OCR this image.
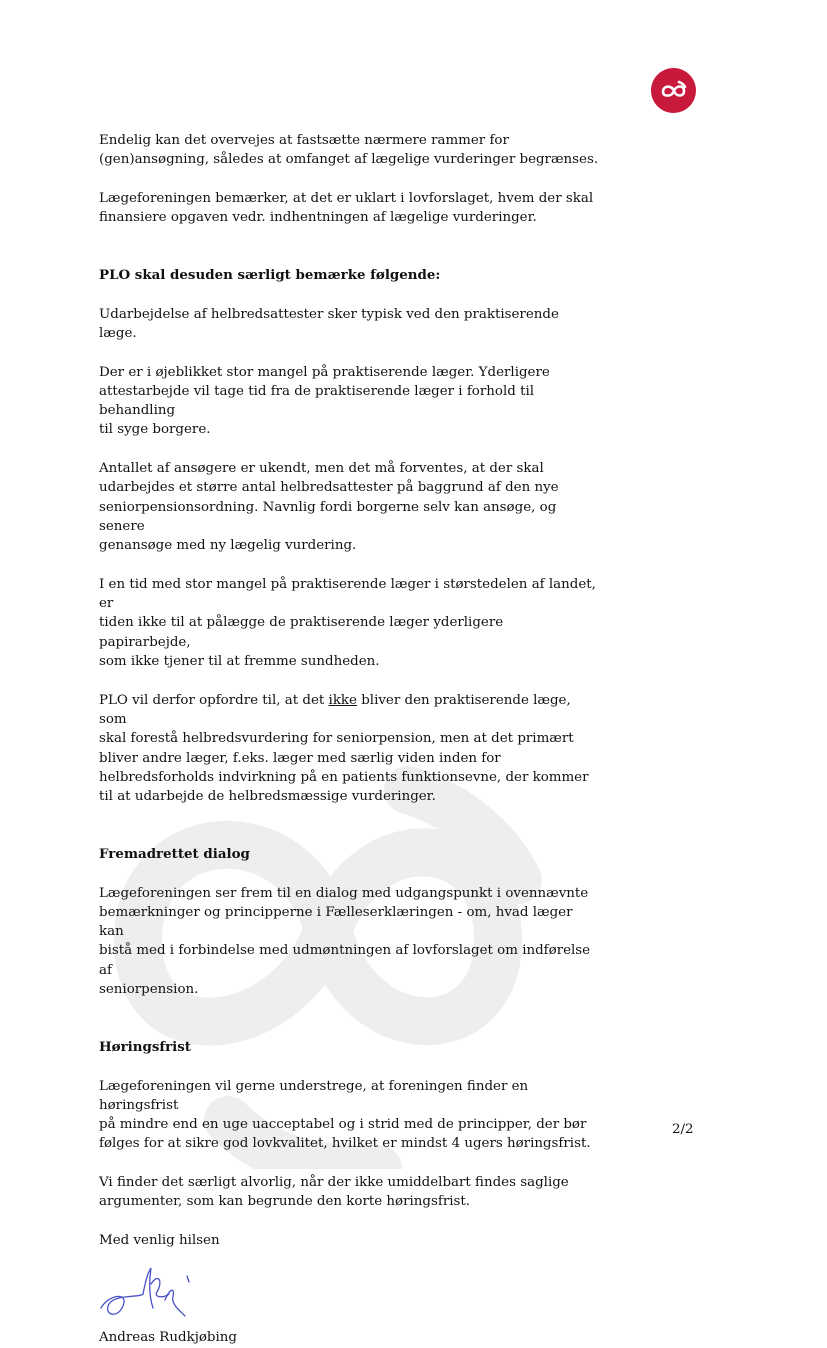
Endelig kan det overvejes at fastsætte nærmere rammer for
(gen)ansøgning, således at omfanget af lægelige vurderinger begrænses.

Lægeforeningen bemærker, at det er uklart i lovforslaget, hvem der skal
finansiere opgaven vedr. indhentningen af lægelige vurderinger.

PLO skal desuden særligt bemærke følgende:

Udarbejdelse af helbredsattester sker typisk ved den praktiserende læge.

Der er i øjeblikket stor mangel på praktiserende læger. Yderligere
attestarbejde vil tage tid fra de praktiserende læger i forhold til behandling
til syge borgere.

Antallet af ansøgere er ukendt, men det må forventes, at der skal
udarbejdes et større antal helbredsattester på baggrund af den nye
seniorpensionsordning. Navnlig fordi borgerne selv kan ansøge, og senere
genansøge med ny lægelig vurdering.

I en tid med stor mangel på praktiserende læger i størstedelen af landet, er
tiden ikke til at pålægge de praktiserende læger yderligere papirarbejde,
som ikke tjener til at fremme sundheden.

PLO vil derfor opfordre til, at det ikke bliver den praktiserende læge, som
skal forestå helbredsvurdering for seniorpension, men at det primært
bliver andre læger, f.eks. læger med særlig viden inden for
helbredsforholds indvirkning på en patients funktionsevne, der kommer
til at udarbejde de helbredsmæssige vurderinger.

Fremadrettet dialog

Lægeforeningen ser frem til en dialog med udgangspunkt i ovennævnte
bemærkninger og principperne i Fælleserklæringen - om, hvad læger kan
bistå med i forbindelse med udmøntningen af lovforslaget om indførelse af
seniorpension.

Høringsfrist

Lægeforeningen vil gerne understrege, at foreningen finder en høringsfrist
på mindre end en uge uacceptabel og i strid med de principper, der bør
følges for at sikre god lovkvalitet, hvilket er mindst 4 ugers høringsfrist.

Vi finder det særligt alvorlig, når der ikke umiddelbart findes saglige
argumenter, som kan begrunde den korte høringsfrist.

Med venlig hilsen
Andreas Rudkjøbing
2/2
